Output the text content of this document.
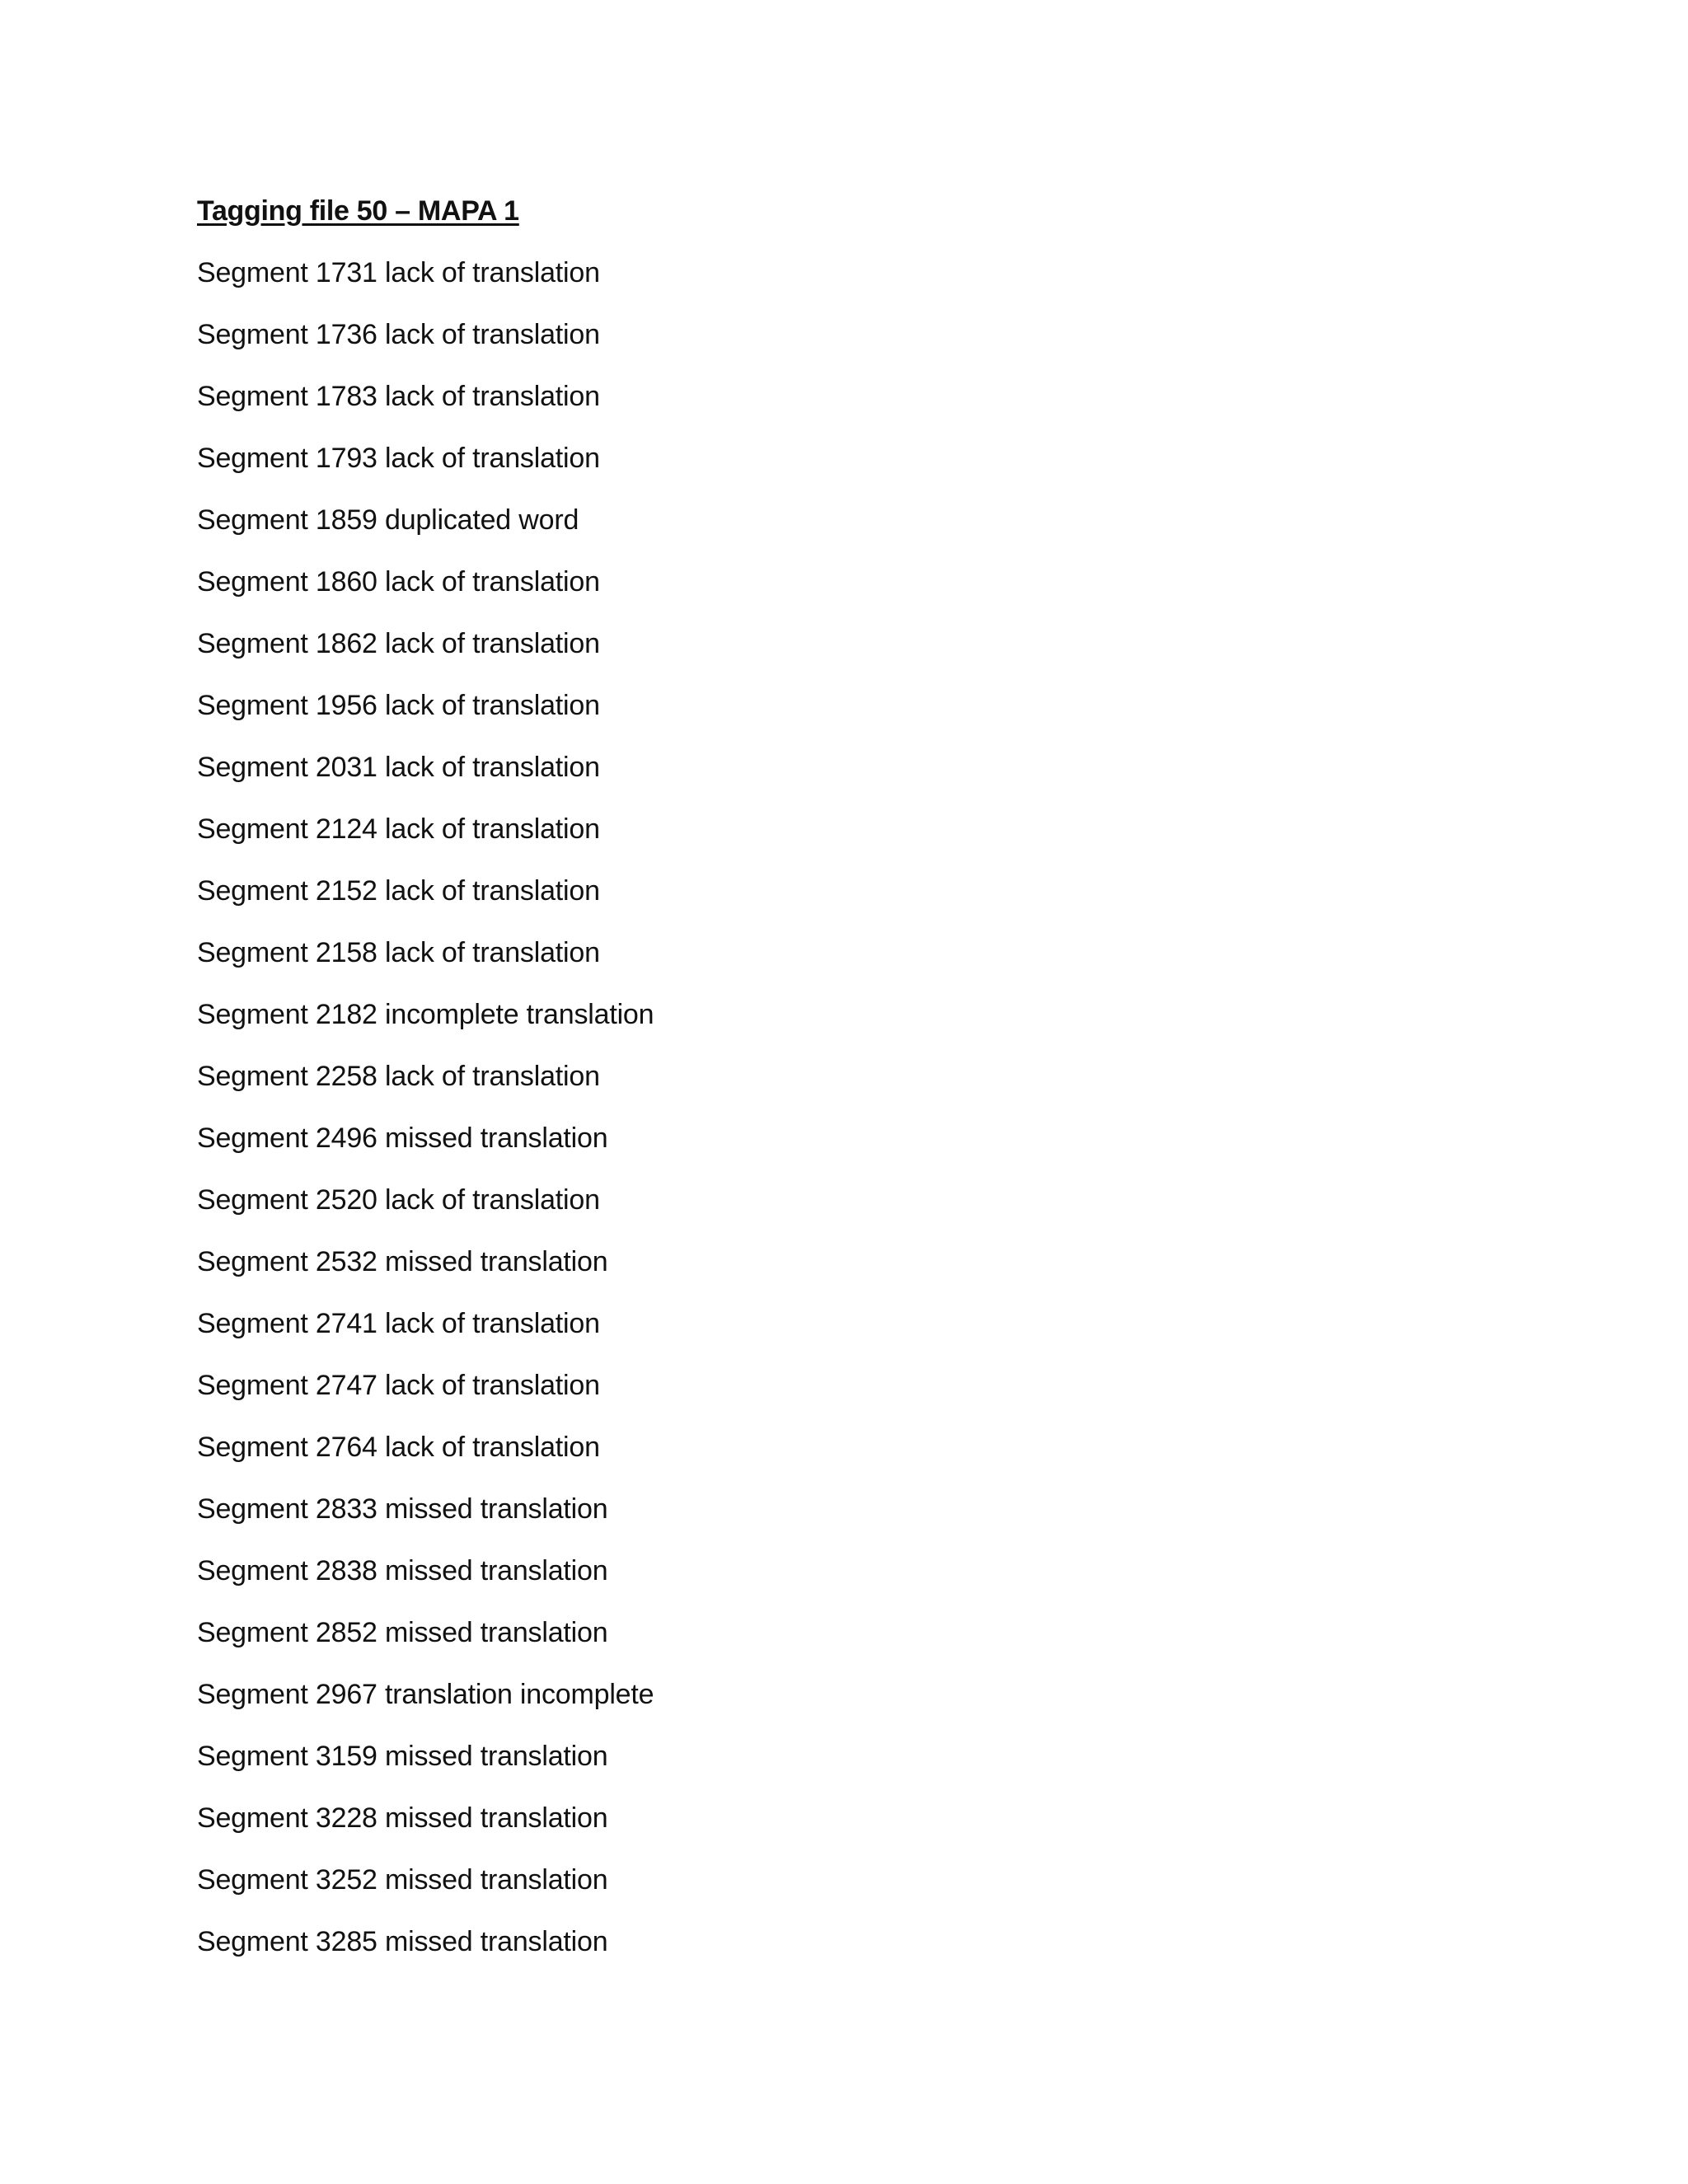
Tagging file 50 – MAPA 1
Segment 1731 lack of translation
Segment 1736 lack of translation
Segment 1783 lack of translation
Segment 1793 lack of translation
Segment 1859 duplicated word
Segment 1860 lack of translation
Segment 1862 lack of translation
Segment 1956 lack of translation
Segment 2031 lack of translation
Segment 2124 lack of translation
Segment 2152 lack of translation
Segment 2158 lack of translation
Segment 2182 incomplete translation
Segment 2258 lack of translation
Segment 2496 missed translation
Segment 2520 lack of translation
Segment 2532 missed translation
Segment 2741 lack of translation
Segment 2747 lack of translation
Segment 2764 lack of translation
Segment 2833 missed translation
Segment 2838 missed translation
Segment 2852 missed translation
Segment 2967 translation incomplete
Segment 3159 missed translation
Segment 3228 missed translation
Segment 3252 missed translation
Segment 3285 missed translation
